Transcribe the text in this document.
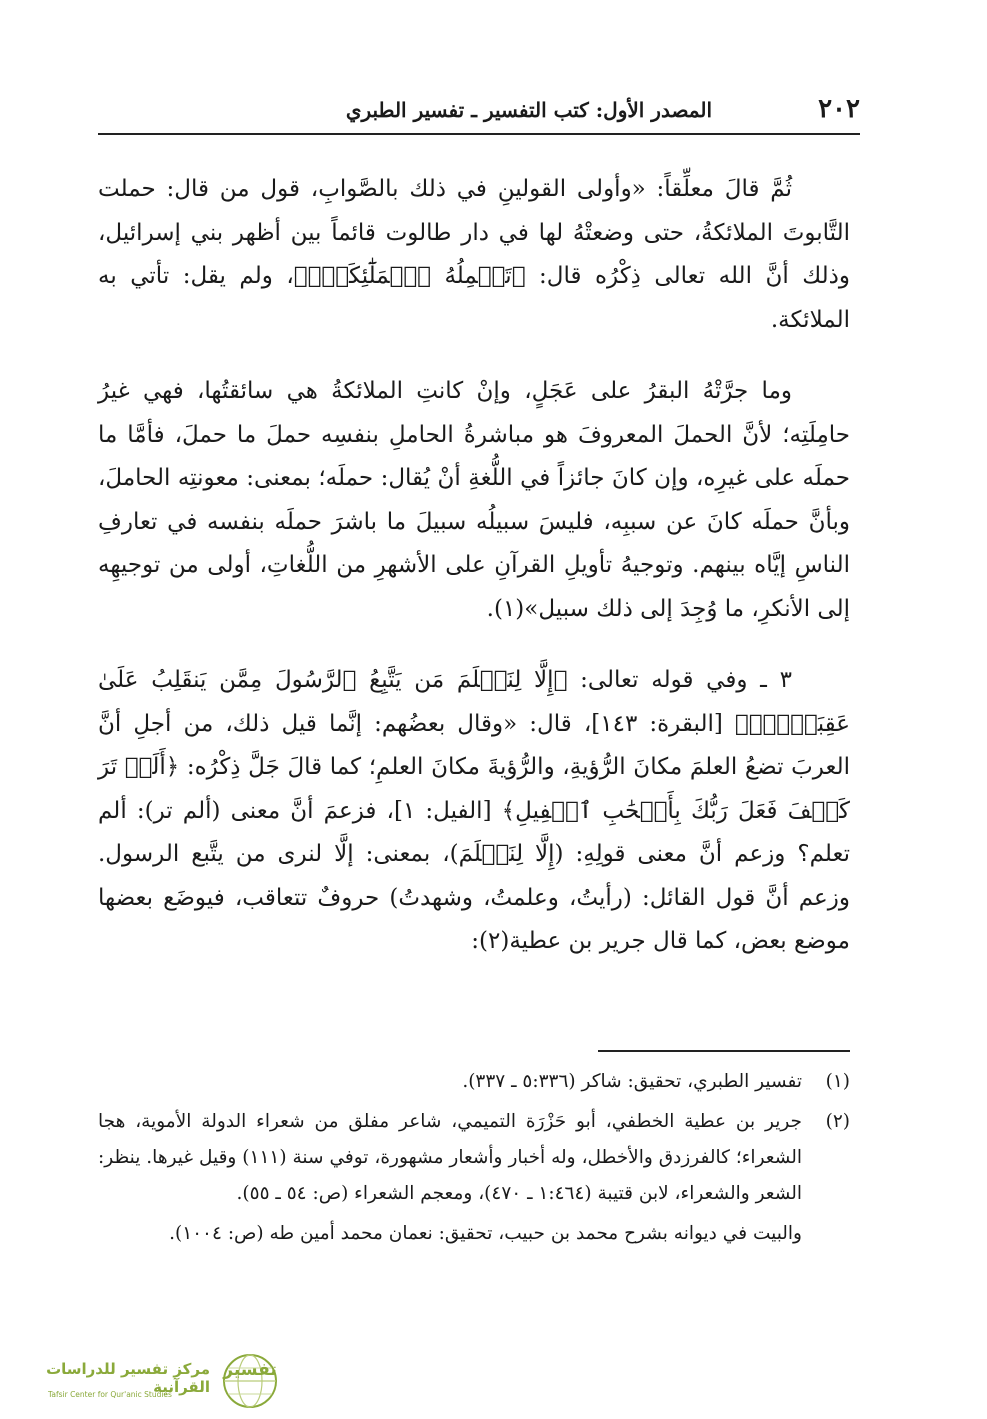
٢٠٢
المصدر الأول: كتب التفسير ـ تفسير الطبري

ثُمَّ قالَ معلِّقاً: «وأولى القولينِ في ذلك بالصَّوابِ، قول من قال: حملت التَّابوتَ الملائكةُ، حتى وضعتْهُ لها في دار طالوت قائماً بين أظهر بني إسرائيل، وذلك أنَّ الله تعالى ذِكْرُه قال: ﴿تَحۡمِلُهُ ٱلۡمَلَٰٓئِكَةُۚ﴾، ولم يقل: تأتي به الملائكة.

وما جرَّتْهُ البقرُ على عَجَلٍ، وإنْ كانتِ الملائكةُ هي سائقتُها، فهي غيرُ حامِلَتِه؛ لأنَّ الحملَ المعروفَ هو مباشرةُ الحاملِ بنفسِه حملَ ما حملَ، فأمَّا ما حملَه على غيرِه، وإن كانَ جائزاً في اللُّغةِ أنْ يُقال: حملَه؛ بمعنى: معونتِه الحاملَ، وبأنَّ حملَه كانَ عن سببِه، فليسَ سبيلُه سبيلَ ما باشرَ حملَه بنفسه في تعارفِ الناسِ إيَّاه بينهم. وتوجيهُ تأويلِ القرآنِ على الأشهرِ من اللُّغاتِ، أولى من توجيهِه إلى الأنكرِ، ما وُجِدَ إلى ذلك سبيل»(١).

٣ ـ وفي قوله تعالى: ﴿إِلَّا لِنَعۡلَمَ مَن يَتَّبِعُ ٱلرَّسُولَ مِمَّن يَنقَلِبُ عَلَىٰ عَقِبَيۡهِۚ﴾ [البقرة: ١٤٣]، قال: «وقال بعضُهم: إنَّما قيل ذلك، من أجلِ أنَّ العربَ تضعُ العلمَ مكانَ الرُّؤيةِ، والرُّؤيةَ مكانَ العلمِ؛ كما قالَ جَلَّ ذِكْرُه: ﴿أَلَمۡ تَرَ كَيۡفَ فَعَلَ رَبُّكَ بِأَصۡحَٰبِ ٱلۡفِيلِ﴾ [الفيل: ١]، فزعمَ أنَّ معنى (ألم تر): ألم تعلم؟ وزعم أنَّ معنى قولِهِ: (إِلَّا لِنَعۡلَمَ)، بمعنى: إلَّا لنرى من يتَّبع الرسول. وزعم أنَّ قول القائل: (رأيتُ، وعلمتُ، وشهدتُ) حروفٌ تتعاقب، فيوضَع بعضها موضع بعض، كما قال جرير بن عطية(٢):

(١)
تفسير الطبري، تحقيق: شاكر (٥:٣٣٦ ـ ٣٣٧).
(٢)
جرير بن عطية الخطفي، أبو حَزْرَة التميمي، شاعر مفلق من شعراء الدولة الأموية، هجا الشعراء؛ كالفرزدق والأخطل، وله أخبار وأشعار مشهورة، توفي سنة (١١١) وقيل غيرها. ينظر: الشعر والشعراء، لابن قتيبة (١:٤٦٤ ـ ٤٧٠)، ومعجم الشعراء (ص: ٥٤ ـ ٥٥).
والبيت في ديوانه بشرح محمد بن حبيب، تحقيق: نعمان محمد أمين طه (ص: ١٠٠٤).
مركز تفسير للدراسات القرآنية
Tafsir Center for Qur'anic Studies
تفسير
